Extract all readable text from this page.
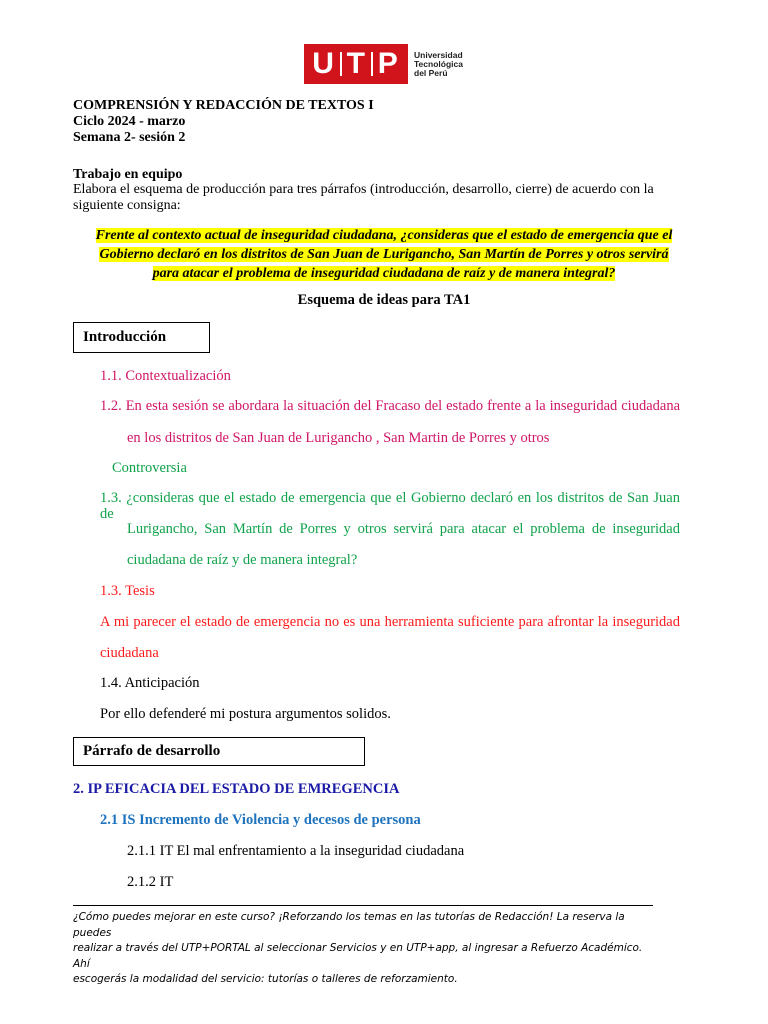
U T P Universidad
Tecnológica
del Perú
COMPRENSIÓN Y REDACCIÓN DE TEXTOS I
Ciclo 2024 - marzo
Semana 2- sesión 2
Trabajo en equipo
Elabora el esquema de producción para tres párrafos (introducción, desarrollo, cierre) de acuerdo con la
siguiente consigna:
Frente al contexto actual de inseguridad ciudadana, ¿consideras que el estado de emergencia que el
Gobierno declaró en los distritos de San Juan de Lurigancho, San Martín de Porres y otros servirá
para atacar el problema de inseguridad ciudadana de raíz y de manera integral?
Esquema de ideas para TA1
Introducción
1.1. Contextualización
1.2. En esta sesión se abordara la situación del Fracaso del estado frente a la inseguridad ciudadana
en los distritos de San Juan de Lurigancho , San Martin de Porres y otros
Controversia
1.3. ¿consideras que el estado de emergencia que el Gobierno declaró en los distritos de San Juan de
Lurigancho, San Martín de Porres y otros servirá para atacar el problema de inseguridad
ciudadana de raíz y de manera integral?
1.3. Tesis
A mi parecer el estado de emergencia no es una herramienta suficiente para afrontar la inseguridad
ciudadana
1.4. Anticipación
Por ello defenderé mi postura argumentos solidos.
Párrafo de desarrollo
2. IP EFICACIA DEL ESTADO DE EMREGENCIA
2.1 IS Incremento de Violencia y decesos de persona
2.1.1 IT El mal enfrentamiento a la inseguridad ciudadana
2.1.2 IT
¿Cómo puedes mejorar en este curso? ¡Reforzando los temas en las tutorías de Redacción! La reserva la puedes
realizar a través del UTP+PORTAL al seleccionar Servicios y en UTP+app, al ingresar a Refuerzo Académico. Ahí
escogerás la modalidad del servicio: tutorías o talleres de reforzamiento.
